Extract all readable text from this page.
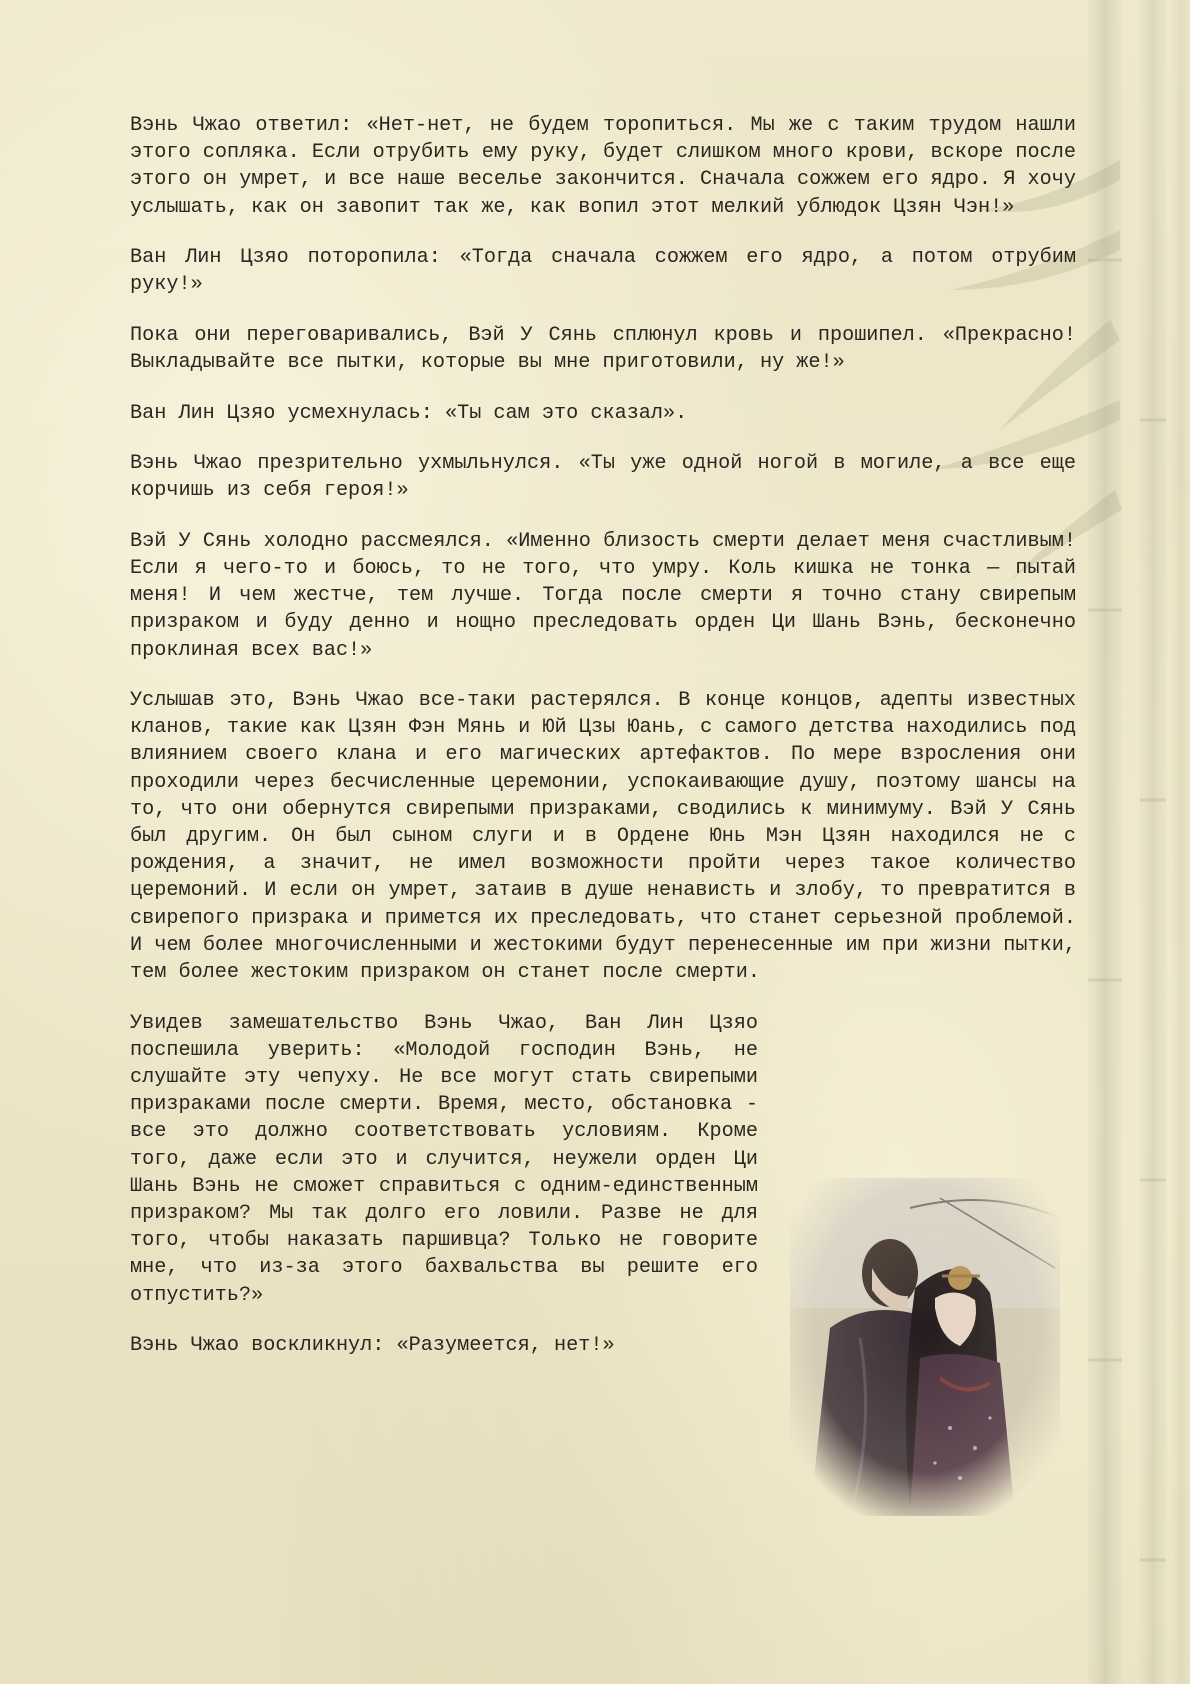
Вэнь Чжао ответил: «Нет-нет, не будем торопиться. Мы же с таким трудом нашли этого сопляка. Если отрубить ему руку, будет слишком много крови, вскоре после этого он умрет, и все наше веселье закончится. Сначала сожжем его ядро. Я хочу услышать, как он завопит так же, как вопил этот мелкий ублюдок Цзян Чэн!»

Ван Лин Цзяо поторопила: «Тогда сначала сожжем его ядро, а потом отрубим руку!»

Пока они переговаривались, Вэй У Сянь сплюнул кровь и прошипел. «Прекрасно! Выкладывайте все пытки, которые вы мне приготовили, ну же!»

Ван Лин Цзяо усмехнулась: «Ты сам это сказал».

Вэнь Чжао презрительно ухмыльнулся. «Ты уже одной ногой в могиле, а все еще корчишь из себя героя!»

Вэй У Сянь холодно рассмеялся. «Именно близость смерти делает меня счастливым! Если я чего-то и боюсь, то не того, что умру. Коль кишка не тонка — пытай меня! И чем жестче, тем лучше. Тогда после смерти я точно стану свирепым призраком и буду денно и нощно преследовать орден Ци Шань Вэнь, бесконечно проклиная всех вас!»

Услышав это, Вэнь Чжао все-таки растерялся. В конце концов, адепты известных кланов, такие как Цзян Фэн Мянь и Юй Цзы Юань, с самого детства находились под влиянием своего клана и его магических артефактов. По мере взросления они проходили через бесчисленные церемонии, успокаивающие душу, поэтому шансы на то, что они обернутся свирепыми призраками, сводились к минимуму. Вэй У Сянь был другим. Он был сыном слуги и в Ордене Юнь Мэн Цзян находился не с рождения, а значит, не имел возможности пройти через такое количество церемоний. И если он умрет, затаив в душе ненависть и злобу, то превратится в свирепого призрака и примется их преследовать, что станет серьезной проблемой. И чем более многочисленными и жестокими будут перенесенные им при жизни пытки, тем более жестоким призраком он станет после смерти.

Увидев замешательство Вэнь Чжао, Ван Лин Цзяо поспешила уверить: «Молодой господин Вэнь, не слушайте эту чепуху. Не все могут стать свирепыми призраками после смерти. Время, место, обстановка - все это должно соответствовать условиям. Кроме того, даже если это и случится, неужели орден Ци Шань Вэнь не сможет справиться с одним-единственным призраком? Мы так долго его ловили. Разве не для того, чтобы наказать паршивца? Только не говорите мне, что из-за этого бахвальства вы решите его отпустить?»

Вэнь Чжао воскликнул: «Разумеется, нет!»
